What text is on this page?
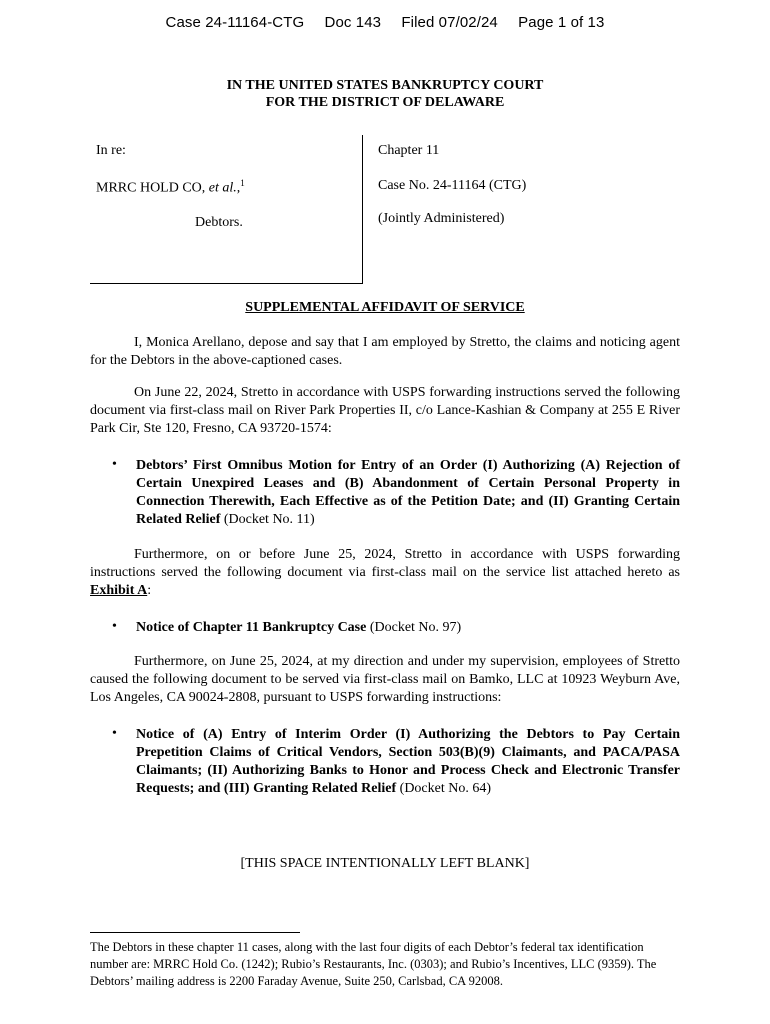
Case 24-11164-CTG Doc 143 Filed 07/02/24 Page 1 of 13
IN THE UNITED STATES BANKRUPTCY COURT
FOR THE DISTRICT OF DELAWARE
In re:
MRRC HOLD CO, et al.,$^1$
Debtors.
Chapter 11
Case No. 24-11164 (CTG)
(Jointly Administered)
SUPPLEMENTAL AFFIDAVIT OF SERVICE
I, Monica Arellano, depose and say that I am employed by Stretto, the claims and noticing agent for the Debtors in the above-captioned cases.
On June 22, 2024, Stretto in accordance with USPS forwarding instructions served the following document via first-class mail on River Park Properties II, c/o Lance-Kashian & Company at 255 E River Park Cir, Ste 120, Fresno, CA 93720-1574:
• Debtors’ First Omnibus Motion for Entry of an Order (I) Authorizing (A) Rejection of Certain Unexpired Leases and (B) Abandonment of Certain Personal Property in Connection Therewith, Each Effective as of the Petition Date; and (II) Granting Certain Related Relief (Docket No. 11)
Furthermore, on or before June 25, 2024, Stretto in accordance with USPS forwarding instructions served the following document via first-class mail on the service list attached hereto as Exhibit A:
• Notice of Chapter 11 Bankruptcy Case (Docket No. 97)
Furthermore, on June 25, 2024, at my direction and under my supervision, employees of Stretto caused the following document to be served via first-class mail on Bamko, LLC at 10923 Weyburn Ave, Los Angeles, CA 90024-2808, pursuant to USPS forwarding instructions:
• Notice of (A) Entry of Interim Order (I) Authorizing the Debtors to Pay Certain Prepetition Claims of Critical Vendors, Section 503(B)(9) Claimants, and PACA/PASA Claimants; (II) Authorizing Banks to Honor and Process Check and Electronic Transfer Requests; and (III) Granting Related Relief (Docket No. 64)
[THIS SPACE INTENTIONALLY LEFT BLANK]
The Debtors in these chapter 11 cases, along with the last four digits of each Debtor’s federal tax identification number are: MRRC Hold Co. (1242); Rubio’s Restaurants, Inc. (0303); and Rubio’s Incentives, LLC (9359). The Debtors’ mailing address is 2200 Faraday Avenue, Suite 250, Carlsbad, CA 92008.
